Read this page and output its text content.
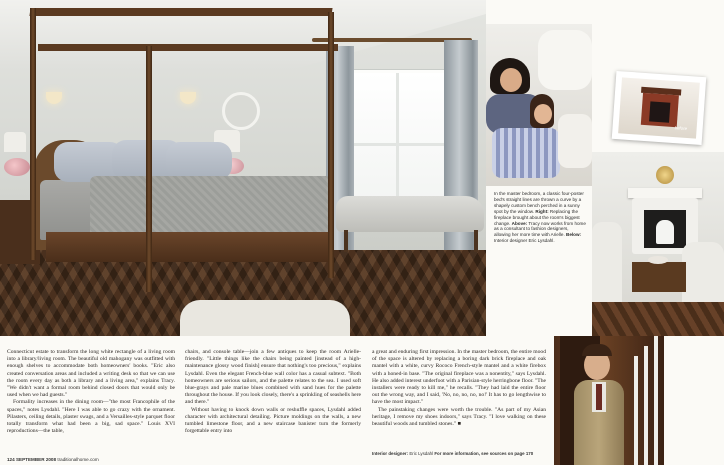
before
In the master bedroom, a classic four-poster bed's straight lines are thrown a curve by a shapely custom bench perched in a sunny spot by the window. Right: Replacing the fireplace brought about the room's biggest change. Above: Tracy now works from home as a consultant to fashion designers, allowing her more time with Arielle. Below: Interior designer Eric Lysdahl.

Connecticut estate to transform the long white rectangle of a living room into a library/living room. The beautiful old mahogany was outfitted with enough shelves to accommodate both homeowners' books. "Eric also created conversation areas and included a writing desk so that we can use the room every day as both a library and a living area," explains Tracy. "We didn't want a formal room behind closed doors that would only be used when we had guests."

Formality increases in the dining room—"the most Francophile of the spaces," notes Lysdahl. "Here I was able to go crazy with the ornament. Pilasters, ceiling details, plaster swags, and a Versailles-style parquet floor totally transform what had been a big, sad space." Louis XVI reproductions—the table,

chairs, and console table—join a few antiques to keep the room Arielle-friendly. "Little things like the chairs being painted [instead of a high-maintenance glossy wood finish] ensure that nothing's too precious," explains Lysdahl. Even the elegant French-blue wall color has a casual subtext. "Both homeowners are serious sailors, and the palette relates to the sea. I used soft blue-grays and pale marine blues combined with sand hues for the palette throughout the house. If you look closely, there's a sprinkling of seashells here and there."

Without having to knock down walls or reshuffle spaces, Lysdahl added character with architectural detailing. Picture moldings on the walls, a new tumbled limestone floor, and a new staircase banister turn the formerly forgettable entry into

a great and enduring first impression. In the master bedroom, the entire mood of the space is altered by replacing a boring dark brick fireplace and oak mantel with a white, curvy Rococo French-style mantel and a white firebox with a honed-in base. "The original fireplace was a nonentity," says Lysdahl. He also added interest underfoot with a Parisian-style herringbone floor. "The installers were ready to kill me," he recalls. "They had laid the entire floor out the wrong way, and I said, 'No, no, no, no, no!' It has to go lengthwise to have the most impact."

The painstaking changes were worth the trouble. "As part of my Asian heritage, I remove my shoes indoors," says Tracy. "I love walking on these beautiful woods and tumbled stones." ■

Interior designer: Eric Lysdahl For more information, see sources on page 170
124 SEPTEMBER 2008 traditionalhome.com
